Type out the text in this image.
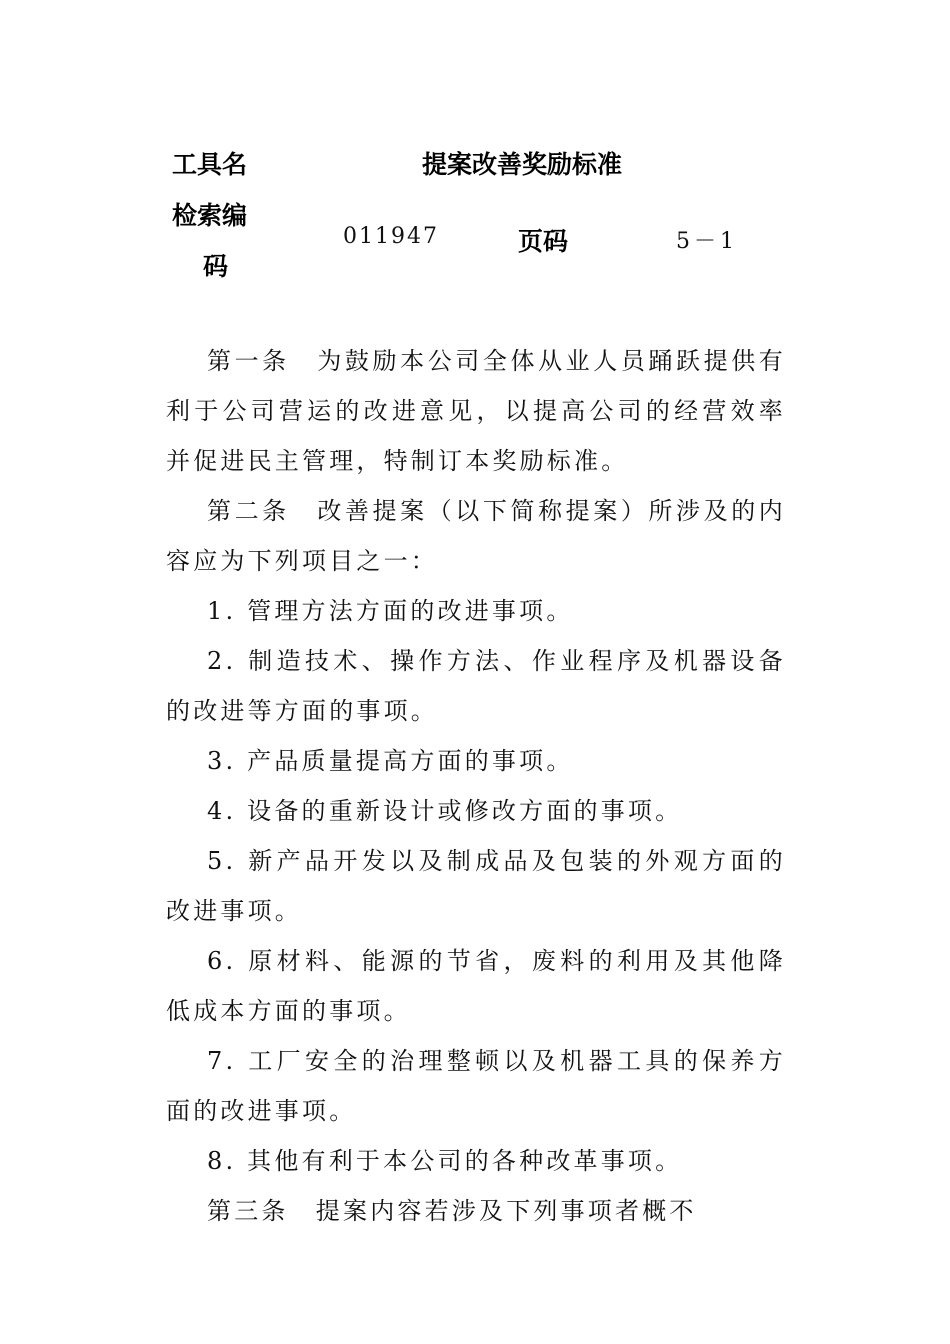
工具名	提案改善奖励标准
检索编
码
011947	页码	5－1

第一条　为鼓励本公司全体从业人员踊跃提供有利于公司营运的改进意见，以提高公司的经营效率并促进民主管理，特制订本奖励标准。

第二条　改善提案（以下简称提案）所涉及的内容应为下列项目之一：

1. 管理方法方面的改进事项。

2. 制造技术、操作方法、作业程序及机器设备的改进等方面的事项。

3. 产品质量提高方面的事项。

4. 设备的重新设计或修改方面的事项。

5. 新产品开发以及制成品及包装的外观方面的改进事项。

6. 原材料、能源的节省，废料的利用及其他降低成本方面的事项。

7. 工厂安全的治理整顿以及机器工具的保养方面的改进事项。

8. 其他有利于本公司的各种改革事项。

第三条　提案内容若涉及下列事项者概不
